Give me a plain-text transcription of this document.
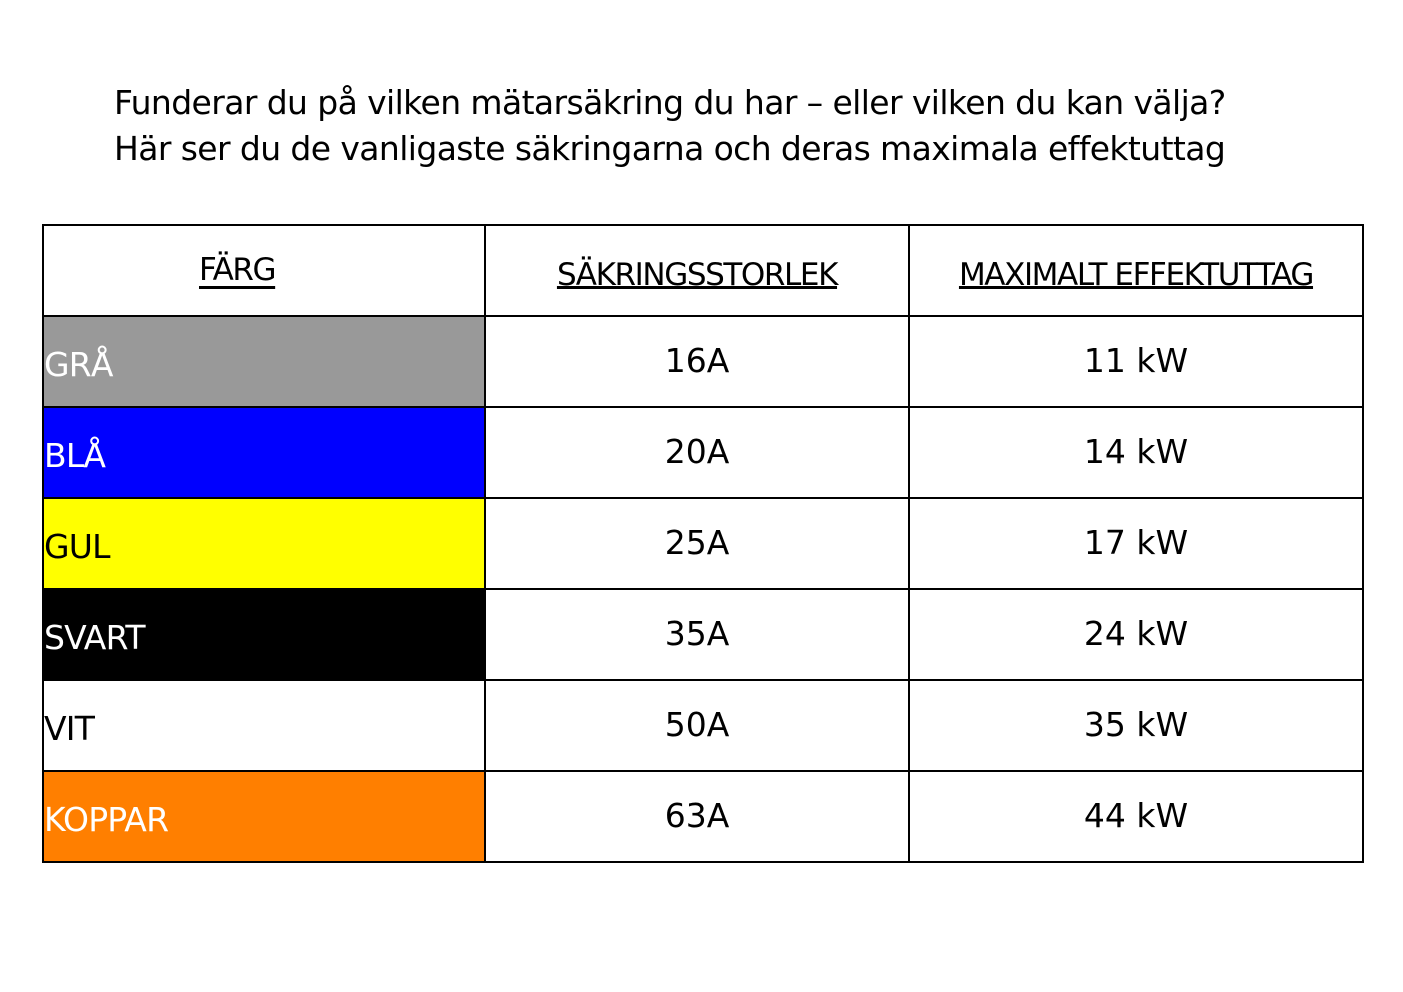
Funderar du på vilken mätarsäkring du har – eller vilken du kan välja?
Här ser du de vanligaste säkringarna och deras maximala effektuttag
FÄRG	SÄKRINGSSTORLEK	MAXIMALT EFFEKTUTTAG
GRÅ	16A	11 kW
BLÅ	20A	14 kW
GUL	25A	17 kW
SVART	35A	24 kW
VIT	50A	35 kW
KOPPAR	63A	44 kW
